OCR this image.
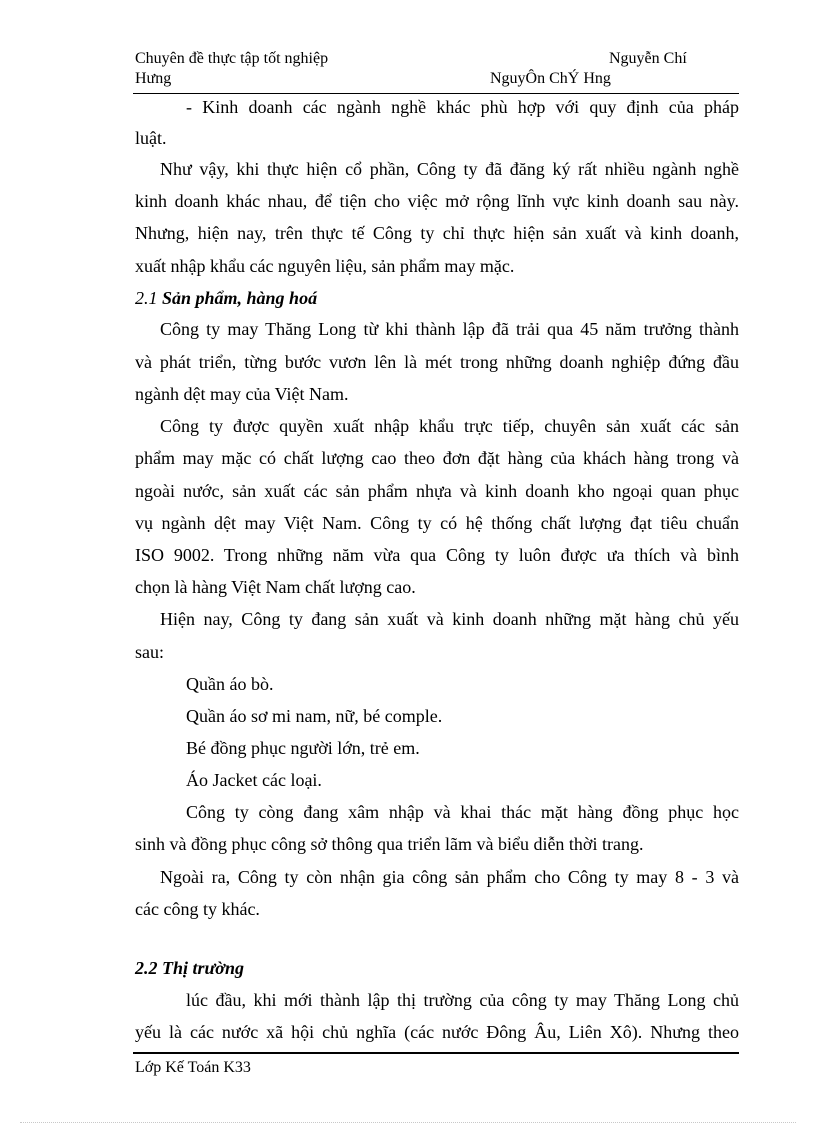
Chuyên đề thực tập tốt nghiệp	Nguyễn Chí
Hưng	NguyÔn ChÝ Hng
- Kinh doanh các ngành nghề khác phù hợp với quy định của pháp
luật.
Như vậy, khi thực hiện cổ phần, Công ty đã đăng ký rất nhiều ngành nghề
kinh doanh khác nhau, để tiện cho việc mở rộng lĩnh vực kinh doanh sau này.
Nhưng, hiện nay, trên thực tế Công ty chỉ thực hiện sản xuất và kinh doanh,
xuất nhập khẩu các nguyên liệu, sản phẩm may mặc.
2.1 Sản phẩm, hàng hoá
Công ty may Thăng Long từ khi thành lập đã trải qua 45 năm trưởng thành
và phát triển, từng bước vươn lên là mét trong những doanh nghiệp đứng đầu
ngành dệt may của Việt Nam.
Công ty được quyền xuất nhập khẩu trực tiếp, chuyên sản xuất các sản
phẩm may mặc có chất lượng cao theo đơn đặt hàng của khách hàng trong và
ngoài nước, sản xuất các sản phẩm nhựa và kinh doanh kho ngoại quan phục
vụ ngành dệt may Việt Nam. Công ty có hệ thống chất lượng đạt tiêu chuẩn
ISO 9002. Trong những năm vừa qua Công ty luôn được ưa thích và bình
chọn là hàng Việt Nam chất lượng cao.
Hiện nay, Công ty đang sản xuất và kinh doanh những mặt hàng chủ yếu
sau:
Quần áo bò.
Quần áo sơ mi nam, nữ, bé comple.
Bé đồng phục người lớn, trẻ em.
Áo Jacket các loại.
Công ty còng đang xâm nhập và khai thác mặt hàng đồng phục học
sinh và đồng phục công sở thông qua triển lãm và biểu diễn thời trang.
Ngoài ra, Công ty còn nhận gia công sản phẩm cho Công ty may 8 - 3 và
các công ty khác.
2.2 Thị trường
lúc đầu, khi mới thành lập thị trường của công ty may Thăng Long chủ
yếu là các nước xã hội chủ nghĩa (các nước Đông Âu, Liên Xô). Nhưng theo
Lớp Kế Toán K33
